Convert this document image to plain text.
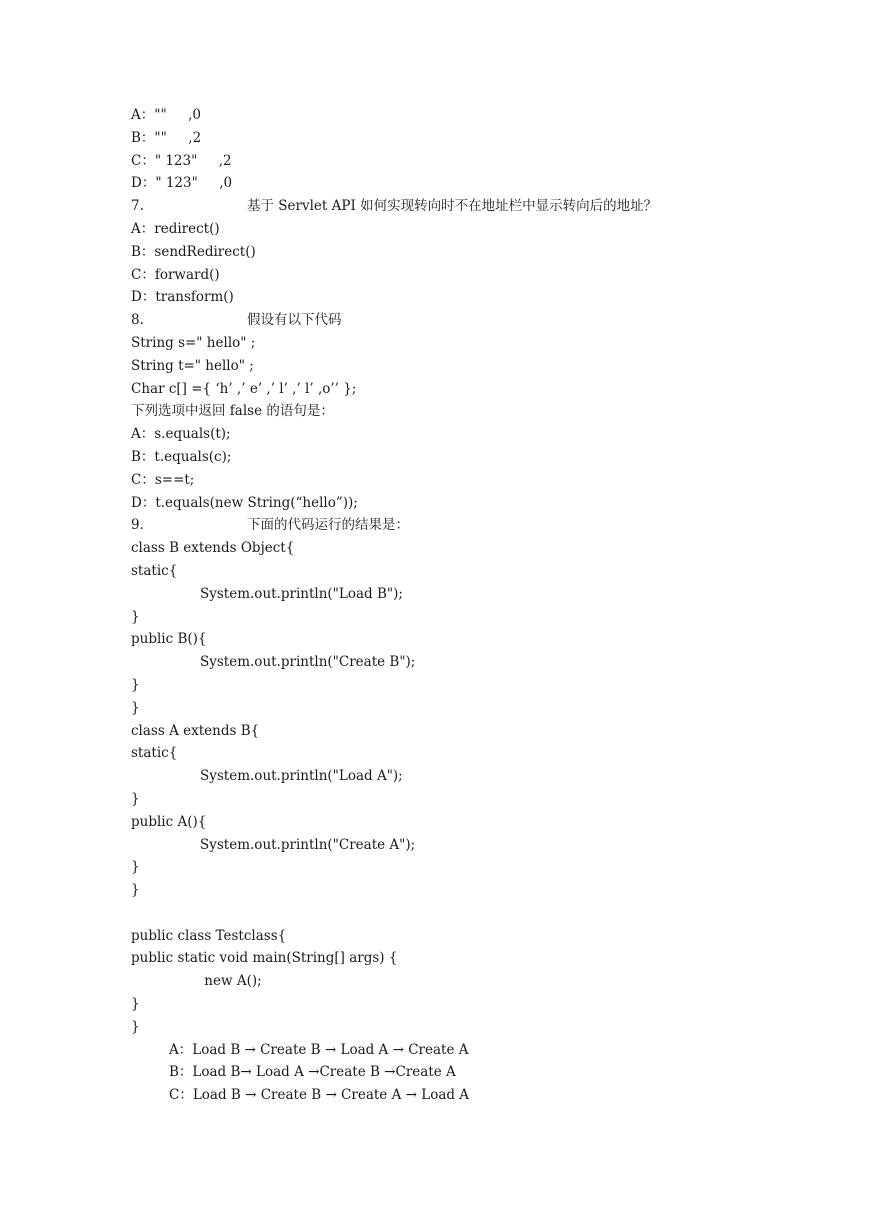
A：""     ,0
B：""     ,2
C：" 123"     ,2
D：" 123"     ,0
7.	基于 Servlet API 如何实现转向时不在地址栏中显示转向后的地址？
A：redirect()
B：sendRedirect()
C：forward()
D：transform()
8.	假设有以下代码
String s=" hello" ;
String t=" hello" ;
Char c[] ={ ‘h’ ,’ e’ ,’ l’ ,’ l’ ,o’’ };
下列选项中返回 false 的语句是：
A：s.equals(t);
B：t.equals(c);
C：s==t;
D：t.equals(new String(“hello”));
9.	下面的代码运行的结果是：
class B extends Object{
static{
System.out.println("Load B");
}
public B(){
System.out.println("Create B");
}
}
class A extends B{
static{
System.out.println("Load A");
}
public A(){
System.out.println("Create A");
}
}
public class Testclass{
public static void main(String[] args) {
new A();
}
}
A：Load B → Create B → Load A → Create A
B：Load B→ Load A →Create B →Create A
C：Load B → Create B → Create A → Load A
